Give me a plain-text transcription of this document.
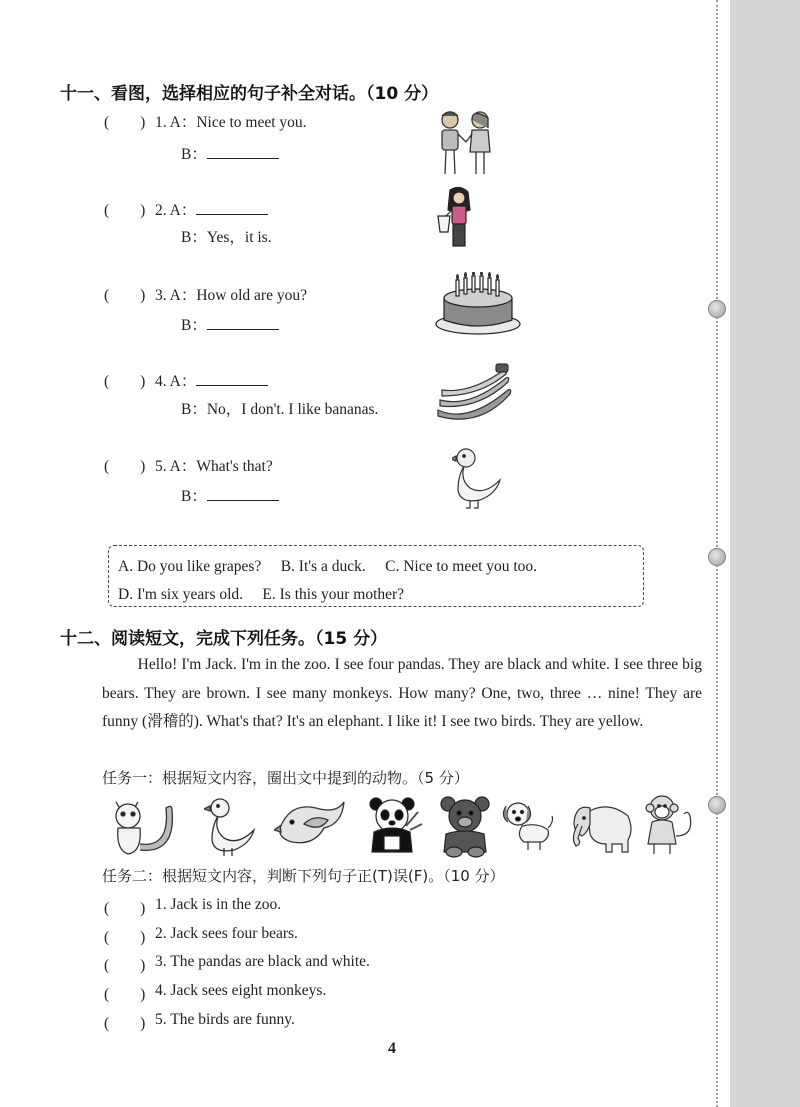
十一、看图，选择相应的句子补全对话。（10 分）
(　　) 1. A：Nice to meet you.
B：
(　　) 2. A：
B：Yes，it is.
(　　) 3. A：How old are you?
B：
(　　) 4. A：
B：No，I don't. I like bananas.
(　　) 5. A：What's that?
B：
A. Do you like grapes?　 B. It's a duck.　 C. Nice to meet you too.
D. I'm six years old.　 E. Is this your mother?
十二、阅读短文，完成下列任务。（15 分）

Hello! I'm Jack. I'm in the zoo. I see four pandas. They are black and white. I see three big bears. They are brown. I see many monkeys. How many? One, two, three … nine! They are funny (滑稽的). What's that? It's an elephant. I like it! I see two birds. They are yellow.

任务一：根据短文内容，圈出文中提到的动物。（5 分）
任务二：根据短文内容，判断下列句子正(T)误(F)。（10 分）
(　　) 1. Jack is in the zoo.
(　　) 2. Jack sees four bears.
(　　) 3. The pandas are black and white.
(　　) 4. Jack sees eight monkeys.
(　　) 5. The birds are funny.
4
